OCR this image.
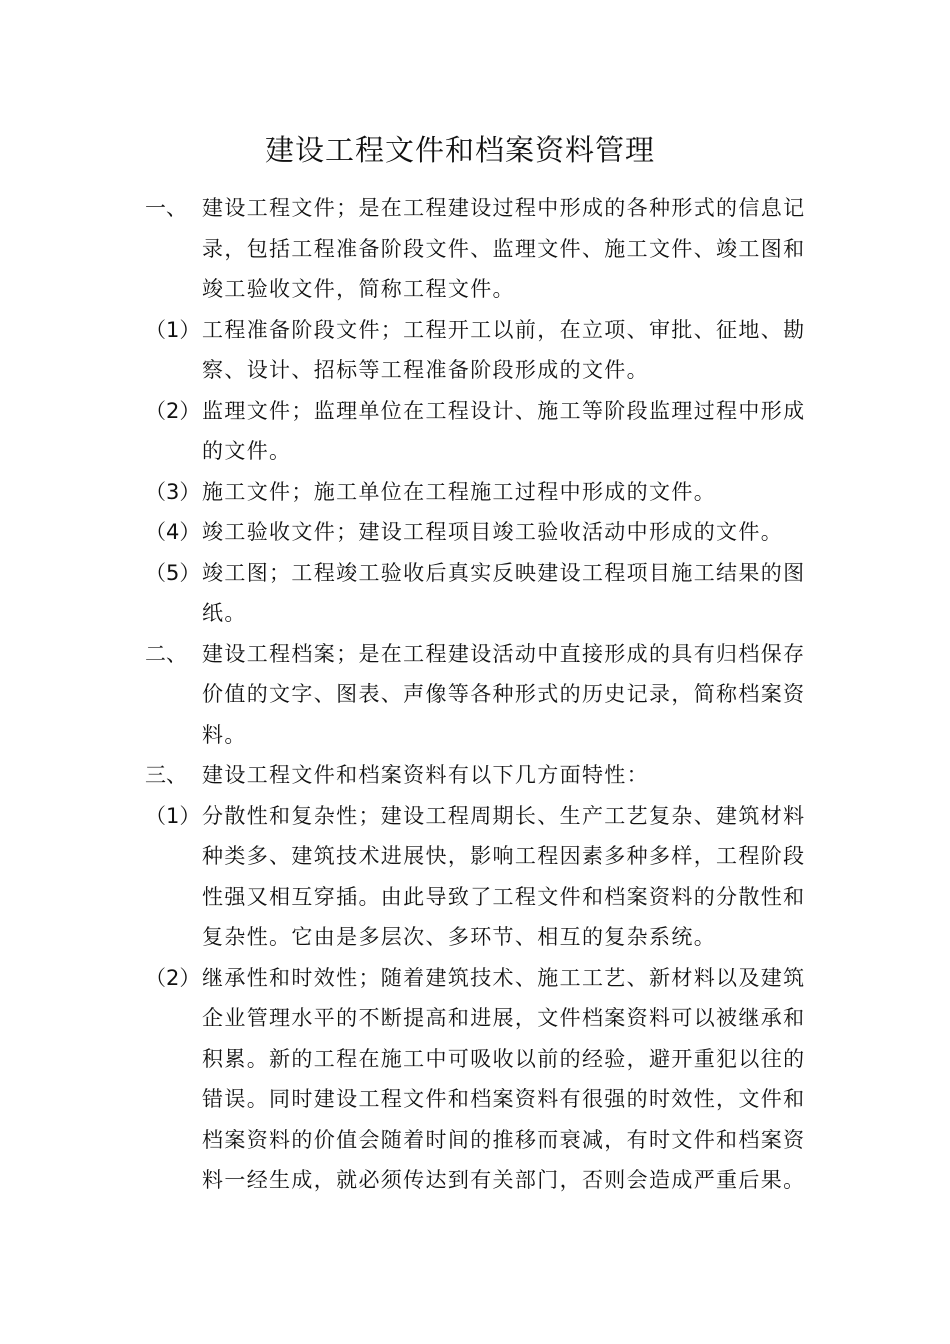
建设工程文件和档案资料管理
一、 建设工程文件；是在工程建设过程中形成的各种形式的信息记录，包括工程准备阶段文件、监理文件、施工文件、竣工图和竣工验收文件，简称工程文件。
（1） 工程准备阶段文件；工程开工以前，在立项、审批、征地、勘察、设计、招标等工程准备阶段形成的文件。
（2） 监理文件；监理单位在工程设计、施工等阶段监理过程中形成的文件。
（3） 施工文件；施工单位在工程施工过程中形成的文件。
（4） 竣工验收文件；建设工程项目竣工验收活动中形成的文件。
（5） 竣工图；工程竣工验收后真实反映建设工程项目施工结果的图纸。
二、 建设工程档案；是在工程建设活动中直接形成的具有归档保存价值的文字、图表、声像等各种形式的历史记录，简称档案资料。
三、 建设工程文件和档案资料有以下几方面特性：
（1） 分散性和复杂性；建设工程周期长、生产工艺复杂、建筑材料种类多、建筑技术进展快，影响工程因素多种多样，工程阶段性强又相互穿插。由此导致了工程文件和档案资料的分散性和复杂性。它由是多层次、多环节、相互的复杂系统。
（2） 继承性和时效性；随着建筑技术、施工工艺、新材料以及建筑企业管理水平的不断提高和进展，文件档案资料可以被继承和积累。新的工程在施工中可吸收以前的经验，避开重犯以往的错误。同时建设工程文件和档案资料有很强的时效性，文件和档案资料的价值会随着时间的推移而衰减，有时文件和档案资料一经生成，就必须传达到有关部门，否则会造成严重后果。
